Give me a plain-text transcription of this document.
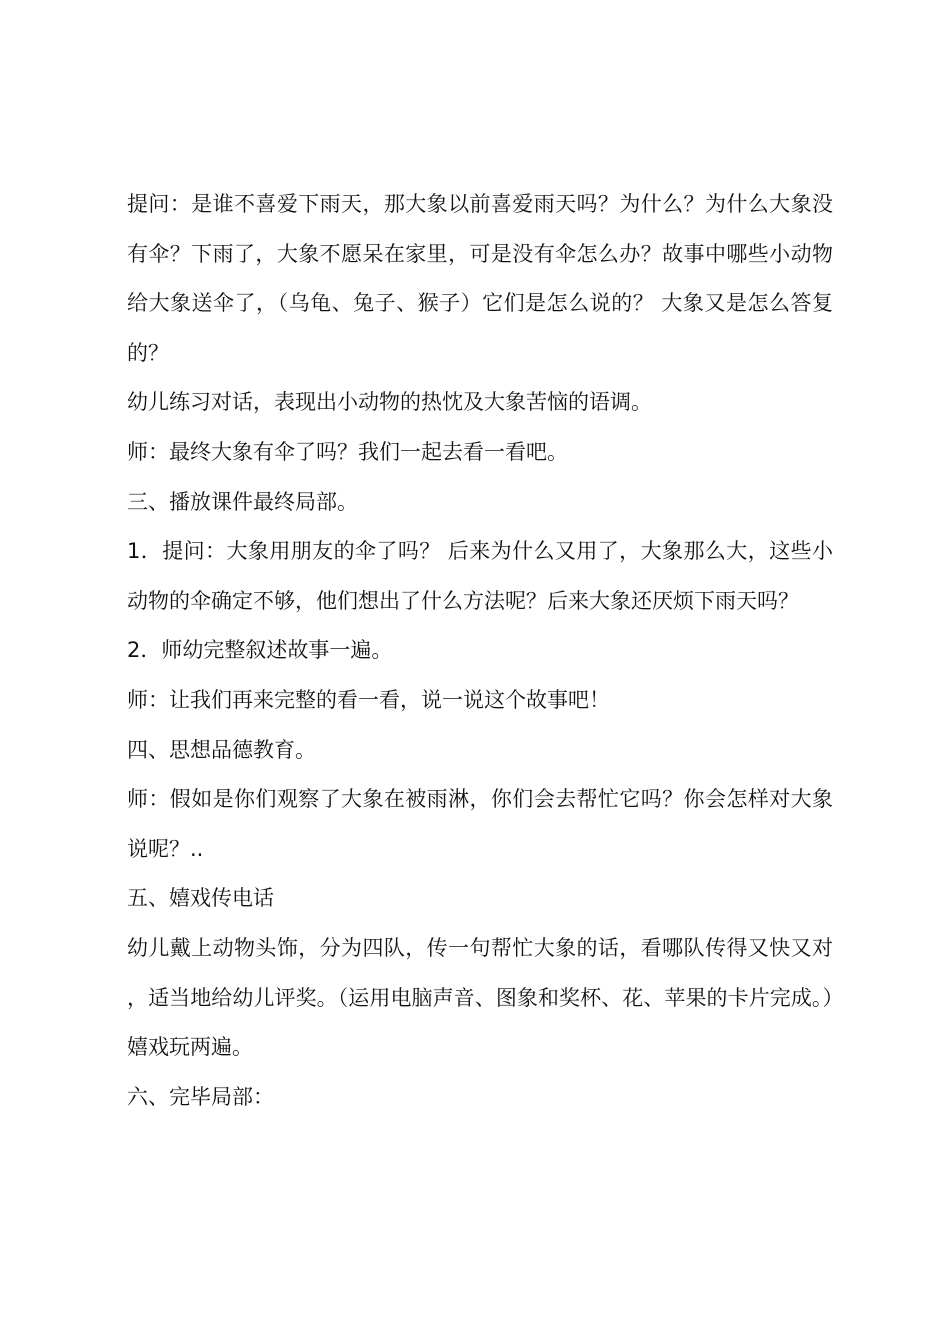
提问：是谁不喜爱下雨天，那大象以前喜爱雨天吗？为什么？为什么大象没有伞？下雨了，大象不愿呆在家里，可是没有伞怎么办？故事中哪些小动物给大象送伞了，（乌龟、兔子、猴子）它们是怎么说的？ 大象又是怎么答复的？

幼儿练习对话，表现出小动物的热忱及大象苦恼的语调。

师：最终大象有伞了吗？我们一起去看一看吧。

三、播放课件最终局部。

1．提问：大象用朋友的伞了吗？ 后来为什么又用了，大象那么大，这些小动物的伞确定不够，他们想出了什么方法呢？后来大象还厌烦下雨天吗？

2．师幼完整叙述故事一遍。

师：让我们再来完整的看一看，说一说这个故事吧！

四、思想品德教育。

师：假如是你们观察了大象在被雨淋，你们会去帮忙它吗？你会怎样对大象说呢？..

五、嬉戏传电话

幼儿戴上动物头饰，分为四队，传一句帮忙大象的话，看哪队传得又快又对，适当地给幼儿评奖。（运用电脑声音、图象和奖杯、花、苹果的卡片完成。）嬉戏玩两遍。

六、完毕局部：
